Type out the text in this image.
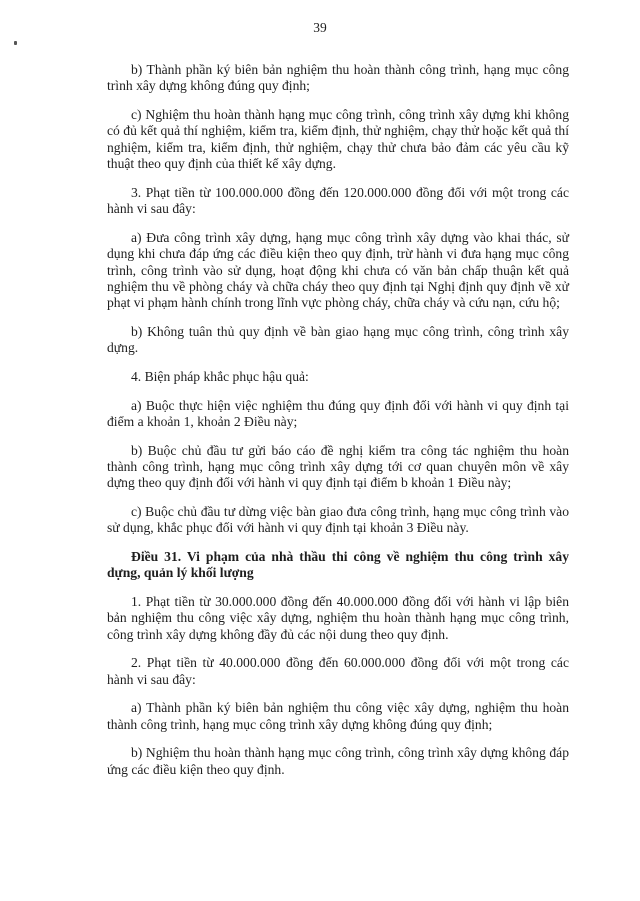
39

b) Thành phần ký biên bản nghiệm thu hoàn thành công trình, hạng mục công trình xây dựng không đúng quy định;

c) Nghiệm thu hoàn thành hạng mục công trình, công trình xây dựng khi không có đủ kết quả thí nghiệm, kiểm tra, kiểm định, thử nghiệm, chạy thử hoặc kết quả thí nghiệm, kiểm tra, kiểm định, thử nghiệm, chạy thử chưa bảo đảm các yêu cầu kỹ thuật theo quy định của thiết kế xây dựng.

3. Phạt tiền từ 100.000.000 đồng đến 120.000.000 đồng đối với một trong các hành vi sau đây:

a) Đưa công trình xây dựng, hạng mục công trình xây dựng vào khai thác, sử dụng khi chưa đáp ứng các điều kiện theo quy định, trừ hành vi đưa hạng mục công trình, công trình vào sử dụng, hoạt động khi chưa có văn bản chấp thuận kết quả nghiệm thu về phòng cháy và chữa cháy theo quy định tại Nghị định quy định về xử phạt vi phạm hành chính trong lĩnh vực phòng cháy, chữa cháy và cứu nạn, cứu hộ;

b) Không tuân thủ quy định về bàn giao hạng mục công trình, công trình xây dựng.

4. Biện pháp khắc phục hậu quả:

a) Buộc thực hiện việc nghiệm thu đúng quy định đối với hành vi quy định tại điểm a khoản 1, khoản 2 Điều này;

b) Buộc chủ đầu tư gửi báo cáo đề nghị kiểm tra công tác nghiệm thu hoàn thành công trình, hạng mục công trình xây dựng tới cơ quan chuyên môn về xây dựng theo quy định đối với hành vi quy định tại điểm b khoản 1 Điều này;

c) Buộc chủ đầu tư dừng việc bàn giao đưa công trình, hạng mục công trình vào sử dụng, khắc phục đối với hành vi quy định tại khoản 3 Điều này.

Điều 31. Vi phạm của nhà thầu thi công về nghiệm thu công trình xây dựng, quản lý khối lượng

1. Phạt tiền từ 30.000.000 đồng đến 40.000.000 đồng đối với hành vi lập biên bản nghiệm thu công việc xây dựng, nghiệm thu hoàn thành hạng mục công trình, công trình xây dựng không đầy đủ các nội dung theo quy định.

2. Phạt tiền từ 40.000.000 đồng đến 60.000.000 đồng đối với một trong các hành vi sau đây:

a) Thành phần ký biên bản nghiệm thu công việc xây dựng, nghiệm thu hoàn thành công trình, hạng mục công trình xây dựng không đúng quy định;

b) Nghiệm thu hoàn thành hạng mục công trình, công trình xây dựng không đáp ứng các điều kiện theo quy định.
